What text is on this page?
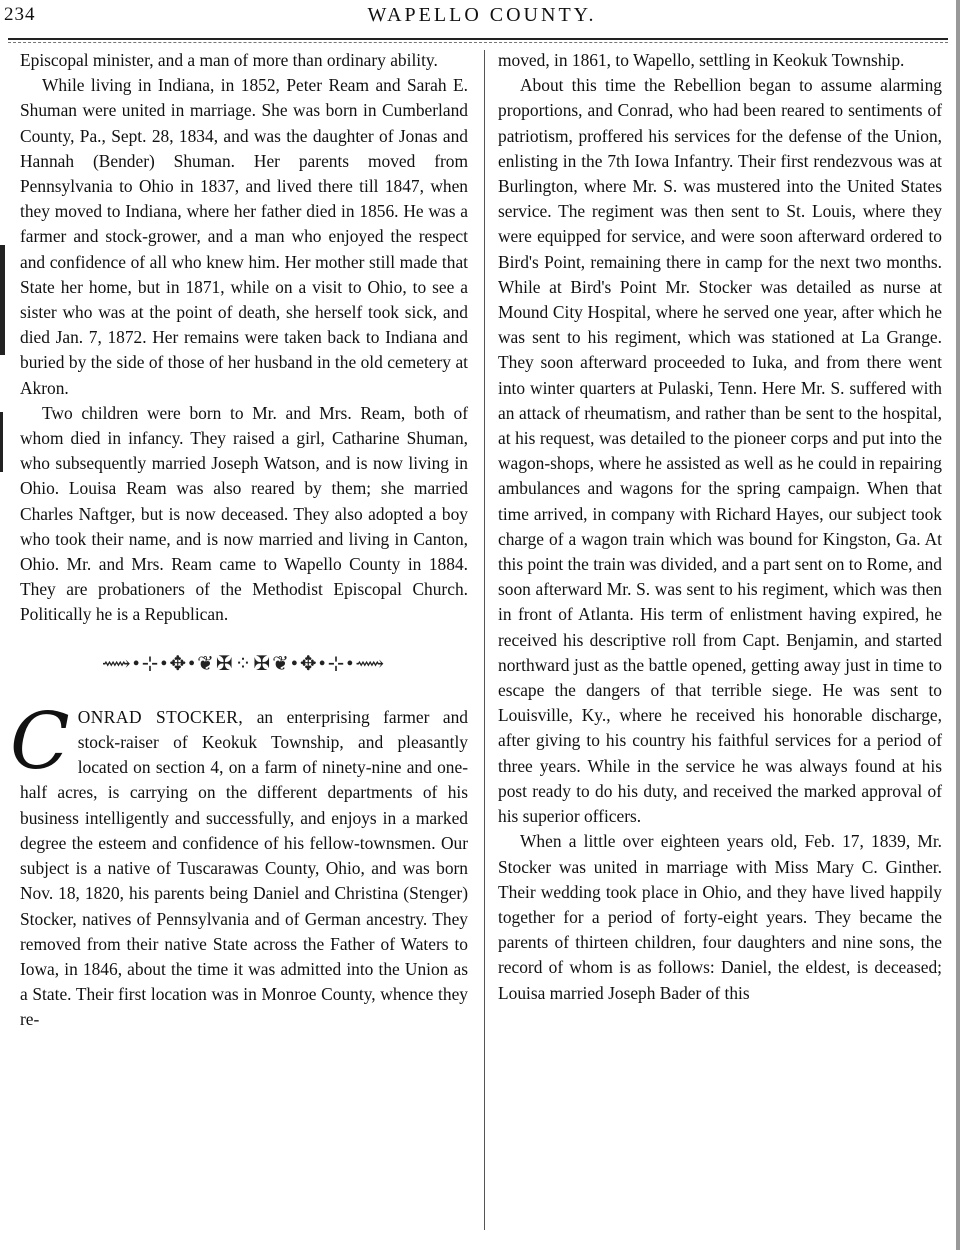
234	WAPELLO COUNTY.

Episcopal minister, and a man of more than ordinary ability.

While living in Indiana, in 1852, Peter Ream and Sarah E. Shuman were united in marriage. She was born in Cumberland County, Pa., Sept. 28, 1834, and was the daughter of Jonas and Hannah (Bender) Shuman. Her parents moved from Pennsylvania to Ohio in 1837, and lived there till 1847, when they moved to Indiana, where her father died in 1856. He was a farmer and stock-grower, and a man who enjoyed the respect and confidence of all who knew him. Her mother still made that State her home, but in 1871, while on a visit to Ohio, to see a sister who was at the point of death, she herself took sick, and died Jan. 7, 1872. Her remains were taken back to Indiana and buried by the side of those of her husband in the old cemetery at Akron.

Two children were born to Mr. and Mrs. Ream, both of whom died in infancy. They raised a girl, Catharine Shuman, who subsequently married Joseph Watson, and is now living in Ohio. Louisa Ream was also reared by them; she married Charles Naftger, but is now deceased. They also adopted a boy who took their name, and is now married and living in Canton, Ohio. Mr. and Mrs. Ream came to Wapello County in 1884. They are probationers of the Methodist Episcopal Church. Politically he is a Republican.

⟿•⊹•✥•❦✠⁘✠❦•✥•⊹•⟿

CONRAD STOCKER, an enterprising farmer and stock-raiser of Keokuk Township, and pleasantly located on section 4, on a farm of ninety-nine and one-half acres, is carrying on the different departments of his business intelligently and successfully, and enjoys in a marked degree the esteem and confidence of his fellow-townsmen. Our subject is a native of Tuscarawas County, Ohio, and was born Nov. 18, 1820, his parents being Daniel and Christina (Stenger) Stocker, natives of Pennsylvania and of German ancestry. They removed from their native State across the Father of Waters to Iowa, in 1846, about the time it was admitted into the Union as a State. Their first location was in Monroe County, whence they re-

moved, in 1861, to Wapello, settling in Keokuk Township.

About this time the Rebellion began to assume alarming proportions, and Conrad, who had been reared to sentiments of patriotism, proffered his services for the defense of the Union, enlisting in the 7th Iowa Infantry. Their first rendezvous was at Burlington, where Mr. S. was mustered into the United States service. The regiment was then sent to St. Louis, where they were equipped for service, and were soon afterward ordered to Bird's Point, remaining there in camp for the next two months. While at Bird's Point Mr. Stocker was detailed as nurse at Mound City Hospital, where he served one year, after which he was sent to his regiment, which was stationed at La Grange. They soon afterward proceeded to Iuka, and from there went into winter quarters at Pulaski, Tenn. Here Mr. S. suffered with an attack of rheumatism, and rather than be sent to the hospital, at his request, was detailed to the pioneer corps and put into the wagon-shops, where he assisted as well as he could in repairing ambulances and wagons for the spring campaign. When that time arrived, in company with Richard Hayes, our subject took charge of a wagon train which was bound for Kingston, Ga. At this point the train was divided, and a part sent on to Rome, and soon afterward Mr. S. was sent to his regiment, which was then in front of Atlanta. His term of enlistment having expired, he received his descriptive roll from Capt. Benjamin, and started northward just as the battle opened, getting away just in time to escape the dangers of that terrible siege. He was sent to Louisville, Ky., where he received his honorable discharge, after giving to his country his faithful services for a period of three years. While in the service he was always found at his post ready to do his duty, and received the marked approval of his superior officers.

When a little over eighteen years old, Feb. 17, 1839, Mr. Stocker was united in marriage with Miss Mary C. Ginther. Their wedding took place in Ohio, and they have lived happily together for a period of forty-eight years. They became the parents of thirteen children, four daughters and nine sons, the record of whom is as follows: Daniel, the eldest, is deceased; Louisa married Joseph Bader of this
